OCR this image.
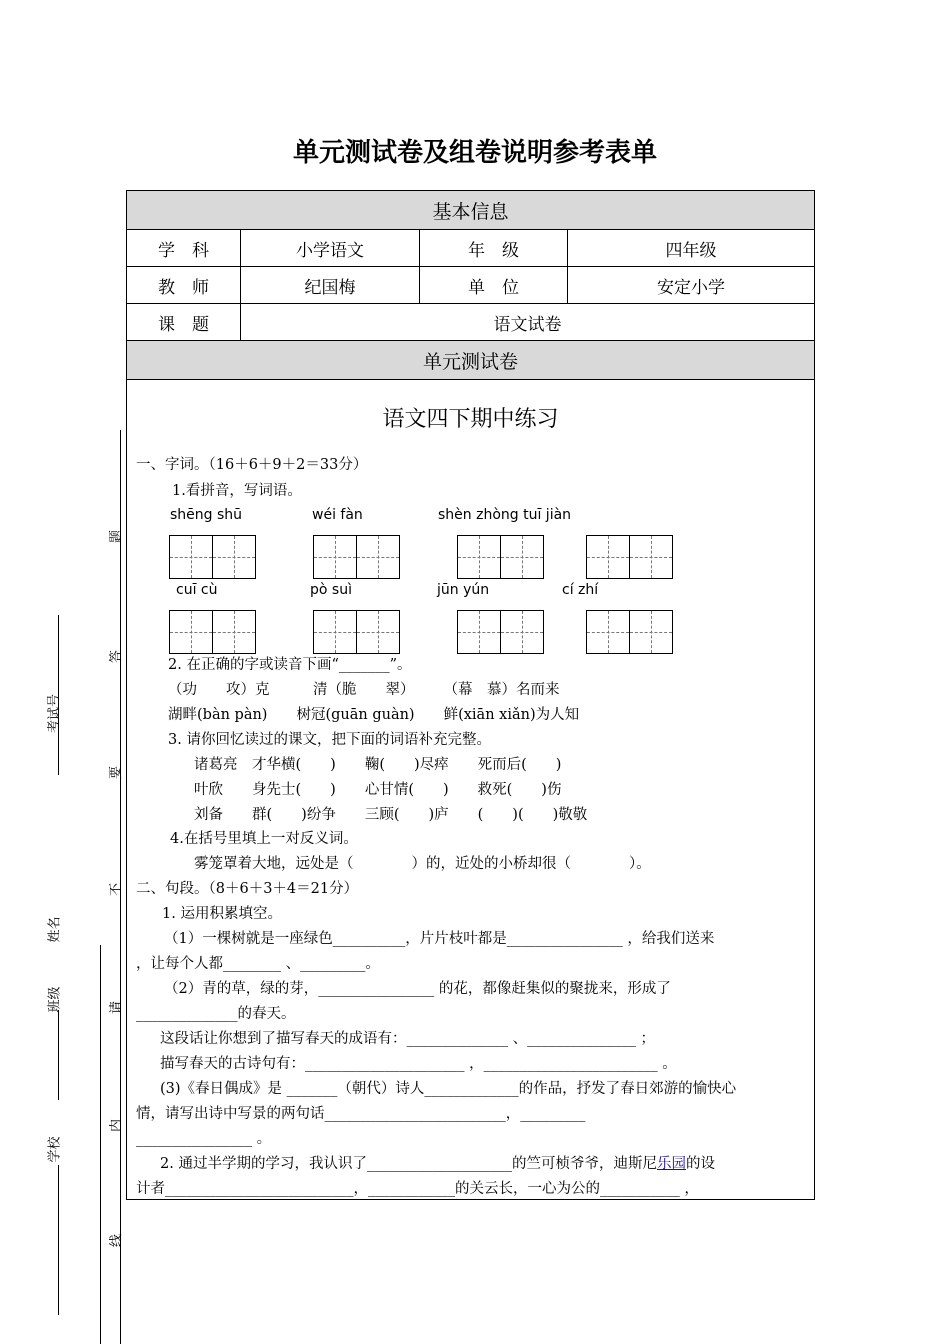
单元测试卷及组卷说明参考表单
基本信息			
学　科	小学语文	年　级	四年级
教　师	纪国梅	单　位	安定小学
课　题	语文试卷		
单元测试卷			
语文四下期中练习
一、字词。（16＋6＋9＋2＝33分）
1.看拼音，写词语。
shēng shū	wéi fàn	shèn zhòng tuī jiàn
cuī cù	pò suì	jūn yún	cí zhí
2. 在正确的字或读音下画“_______”。
（功　　攻）克　　　清（脆　　翠）　　　（幕　慕）名而来
湖畔(bàn pàn)　　树冠(guān guàn)　　鲜(xiān xiǎn)为人知
3. 请你回忆读过的课文，把下面的词语补充完整。
诸葛亮　才华横(　　)　　鞠(　　)尽瘁　　死而后(　　)
叶欣　　身先士(　　)　　心甘情(　　)　　救死(　　)伤
刘备　　群(　　)纷争　　三顾(　　)庐　　(　　)(　　)敬敬
4.在括号里填上一对反义词。
雾笼罩着大地，远处是（　　　　）的，近处的小桥却很（　　　　）。
二、句段。（8＋6＋3＋4＝21分）
1. 运用积累填空。
（1）一棵树就是一座绿色__________，片片枝叶都是________________ ，给我们送来
，让每个人都________ 、_________。
（2）青的草，绿的芽，________________ 的花，都像赶集似的聚拢来，形成了
______________的春天。
这段话让你想到了描写春天的成语有：______________ 、_______________ ；
描写春天的古诗句有：______________________ ，________________________ 。
(3)《春日偶成》是 _______（朝代）诗人_____________的作品，抒发了春日郊游的愉快心
情，请写出诗中写景的两句话_________________________，_________
________________ 。
2. 通过半学期的学习，我认识了____________________的竺可桢爷爷，迪斯尼乐园的设
计者__________________________，____________的关云长，一心为公的___________ ，
题
答
要
不
请
内
线
考试号
姓名
班级
学校
